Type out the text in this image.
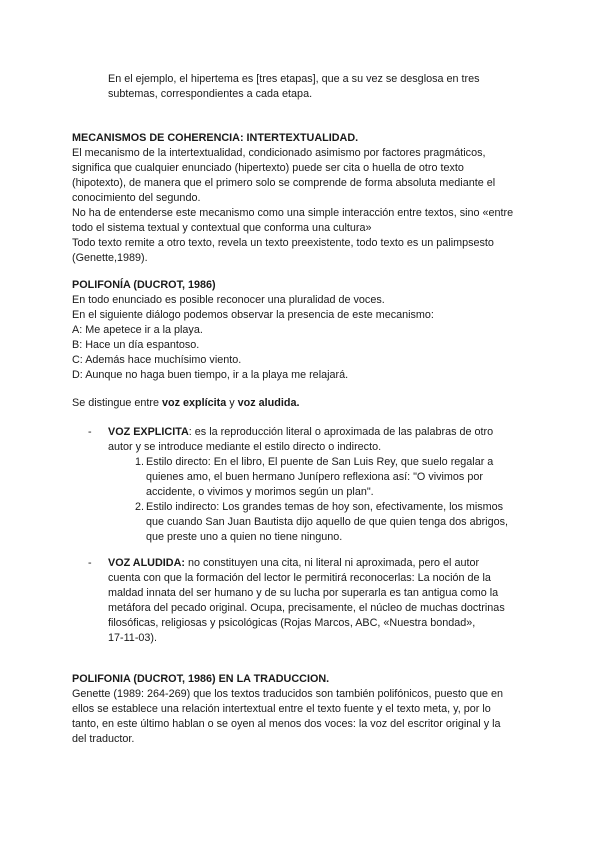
En el ejemplo, el hipertema es [tres etapas], que a su vez se desglosa en tres
subtemas, correspondientes a cada etapa.
MECANISMOS DE COHERENCIA: INTERTEXTUALIDAD.
El mecanismo de la intertextualidad, condicionado asimismo por factores pragmáticos,
significa que cualquier enunciado (hipertexto) puede ser cita o huella de otro texto
(hipotexto), de manera que el primero solo se comprende de forma absoluta mediante el
conocimiento del segundo.
No ha de entenderse este mecanismo como una simple interacción entre textos, sino «entre
todo el sistema textual y contextual que conforma una cultura»
Todo texto remite a otro texto, revela un texto preexistente, todo texto es un palimpsesto
(Genette,1989).
POLIFONÍA (DUCROT, 1986)
En todo enunciado es posible reconocer una pluralidad de voces.
En el siguiente diálogo podemos observar la presencia de este mecanismo:
A: Me apetece ir a la playa.
B: Hace un día espantoso.
C: Además hace muchísimo viento.
D: Aunque no haga buen tiempo, ir a la playa me relajará.
Se distingue entre voz explícita y voz aludida.
- VOZ EXPLICITA: es la reproducción literal o aproximada de las palabras de otro
autor y se introduce mediante el estilo directo o indirecto.
1. Estilo directo: En el libro, El puente de San Luis Rey, que suelo regalar a
quienes amo, el buen hermano Junípero reflexiona así: "O vivimos por
accidente, o vivimos y morimos según un plan".
2. Estilo indirecto: Los grandes temas de hoy son, efectivamente, los mismos
que cuando San Juan Bautista dijo aquello de que quien tenga dos abrigos,
que preste uno a quien no tiene ninguno.
- VOZ ALUDIDA: no constituyen una cita, ni literal ni aproximada, pero el autor
cuenta con que la formación del lector le permitirá reconocerlas: La noción de la
maldad innata del ser humano y de su lucha por superarla es tan antigua como la
metáfora del pecado original. Ocupa, precisamente, el núcleo de muchas doctrinas
filosóficas, religiosas y psicológicas (Rojas Marcos, ABC, «Nuestra bondad»,
17-11-03).
POLIFONIA (DUCROT, 1986) EN LA TRADUCCION.
Genette (1989: 264-269) que los textos traducidos son también polifónicos, puesto que en
ellos se establece una relación intertextual entre el texto fuente y el texto meta, y, por lo
tanto, en este último hablan o se oyen al menos dos voces: la voz del escritor original y la
del traductor.
